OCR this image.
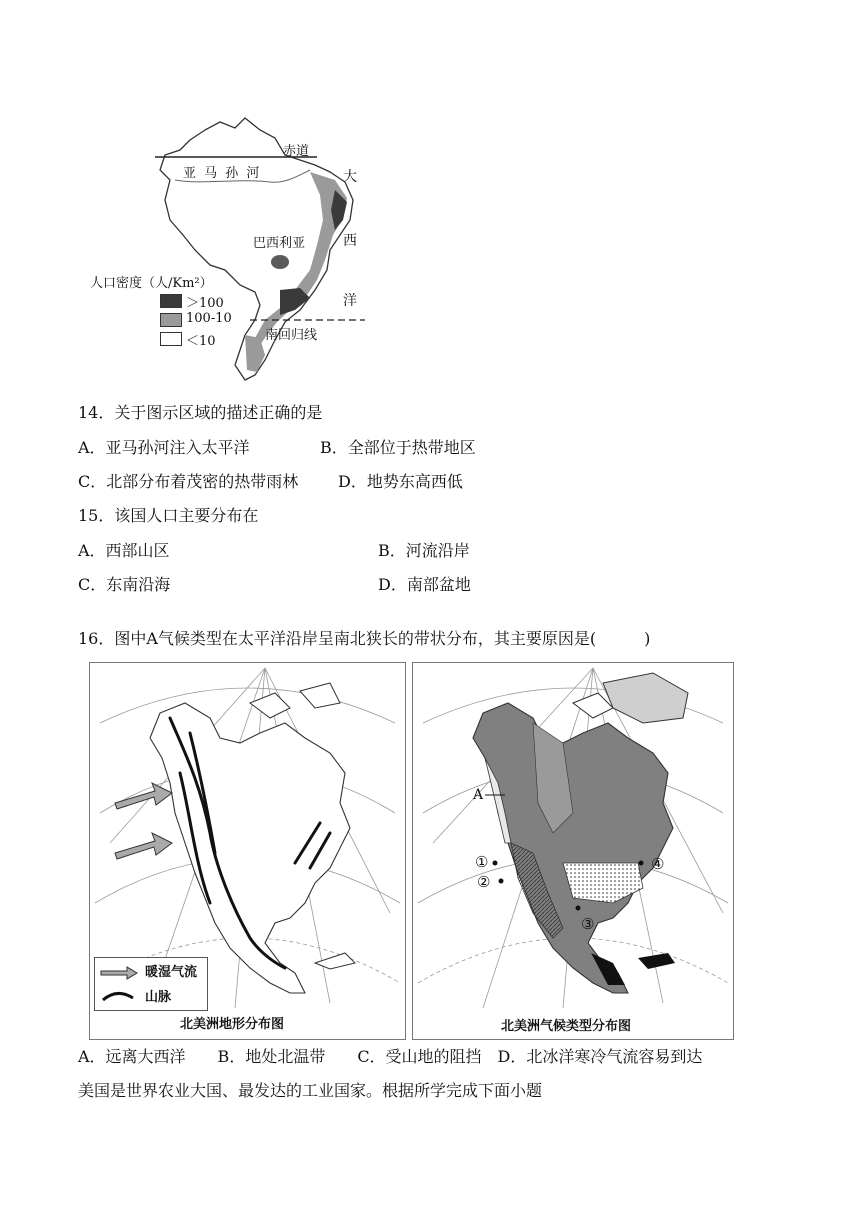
赤道
亚 马 孙 河
巴西利亚
南回归线
大
西
洋
人口密度（人/Km²）
＞100
100-10
＜10
14．关于图示区域的描述正确的是
A．亚马孙河注入太平洋	B．全部位于热带地区
C．北部分布着茂密的热带雨林 D．地势东高西低
15．该国人口主要分布在
A．西部山区	B．河流沿岸
C．东南沿海	D．南部盆地
16．图中A气候类型在太平洋沿岸呈南北狭长的带状分布，其主要原因是(　　　)
暖湿气流
山脉
北美洲地形分布图
A
①
②
③
④
北美洲气候类型分布图
A．远离大西洋　　B．地处北温带　　C．受山地的阻挡　D．北冰洋寒冷气流容易到达
美国是世界农业大国、最发达的工业国家。根据所学完成下面小题
